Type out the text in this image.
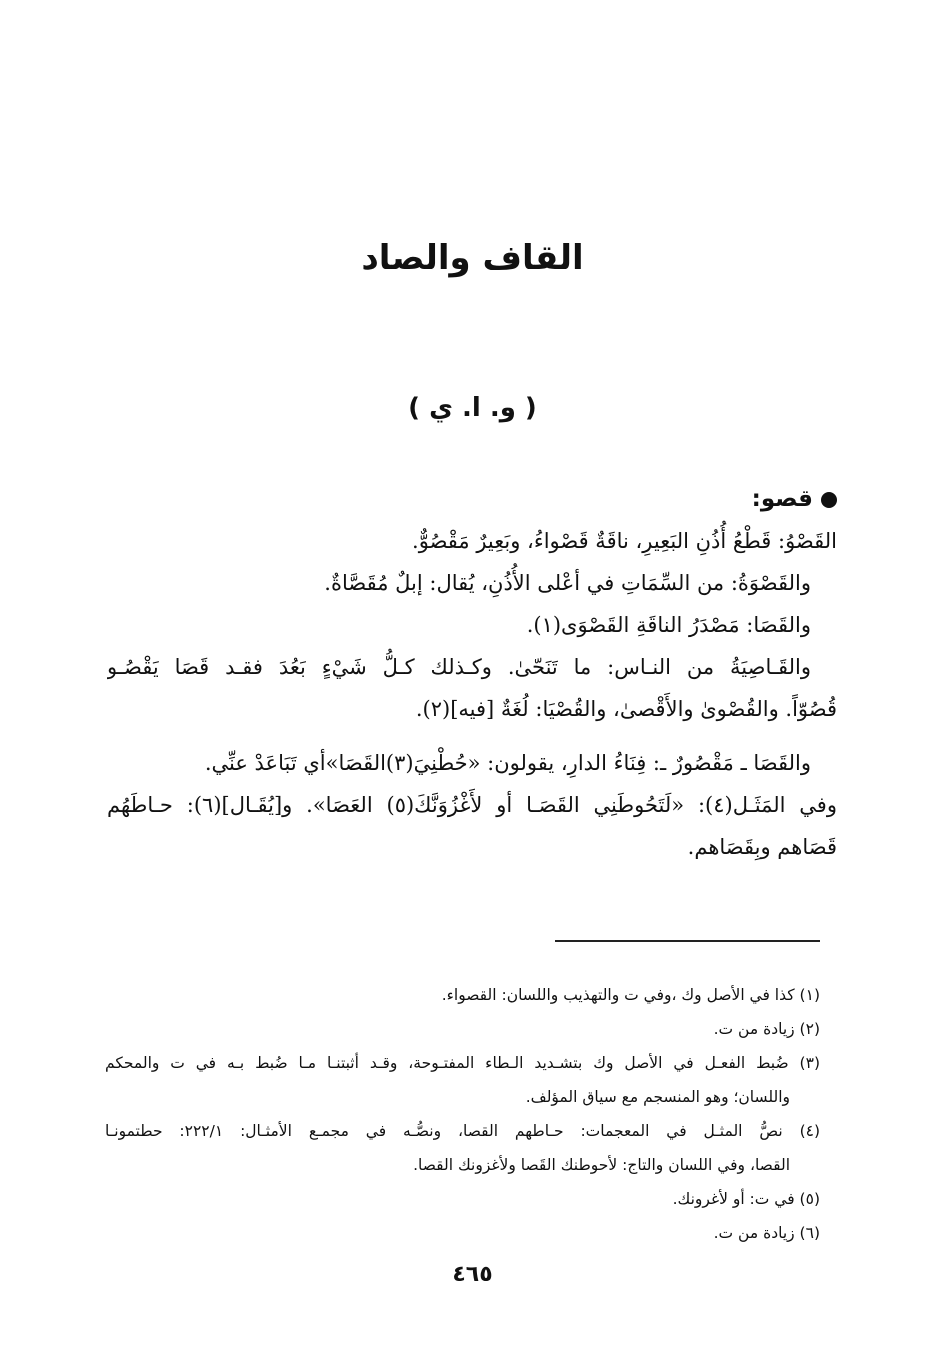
القاف والصاد
( و. ا. ي )
قصو:
القَصْوُ: قَطْعُ أُذُنِ البَعِيرِ، ناقَةٌ قَصْواءُ، وبَعِيرٌ مَقْصُوٌّ.
والقَصْوَةُ: من السِّمَاتِ في أعْلى الأُذُنِ، يُقال: إبلٌ مُقَصَّاةٌ.
والقَصَا: مَصْدَرُ الناقَةِ القَصْوَى(١).
والقَـاصِيَةُ من النـاس: ما تَنَحّىٰ. وكـذلك كـلُّ شَيْءٍ بَعُدَ فقـد قَصَا يَقْصُـو
قُصُوّاً. والقُصْوىٰ والأَقْصىٰ، والقُصْيَا: لُغَةٌ [فيه](٢).
والقَصَا ـ مَقْصُورٌ ـ: فِنَاءُ الدارِ، يقولون: «حُطْنِيَ(٣)القَصَا»أي تَبَاعَدْ عنِّي.
وفي المَثَـل(٤): «لَتَحُوطَنِي القَصَـا أو لأَغْزُوَنَّكَ(٥) العَصَا». و[يُقَـال](٦): حـاطَهُم
قَصَاهم وبِقَصَاهم.
(١) كذا في الأصل وك ،وفي ت والتهذيب واللسان: القصواء.
(٢) زيادة من ت.
(٣) ضُبط الفعـل في الأصل وك بتشـديد الـطاء المفتـوحة، وقـد أثبتنـا مـا ضُبط بـه في ت والمحكم
واللسان؛ وهو المنسجم مع سياق المؤلف.
(٤) نصُّ المثـل في المعجمات: حـاطهم القصا، ونصُّـه في مجمـع الأمثـال: ٢٢٢/١: حطتمونـا
القصا، وفي اللسان والتاج: لأحوطنك القَصا ولأغزونك القصا.
(٥) في ت: أو لأغرونك.
(٦) زيادة من ت.
٤٦٥
